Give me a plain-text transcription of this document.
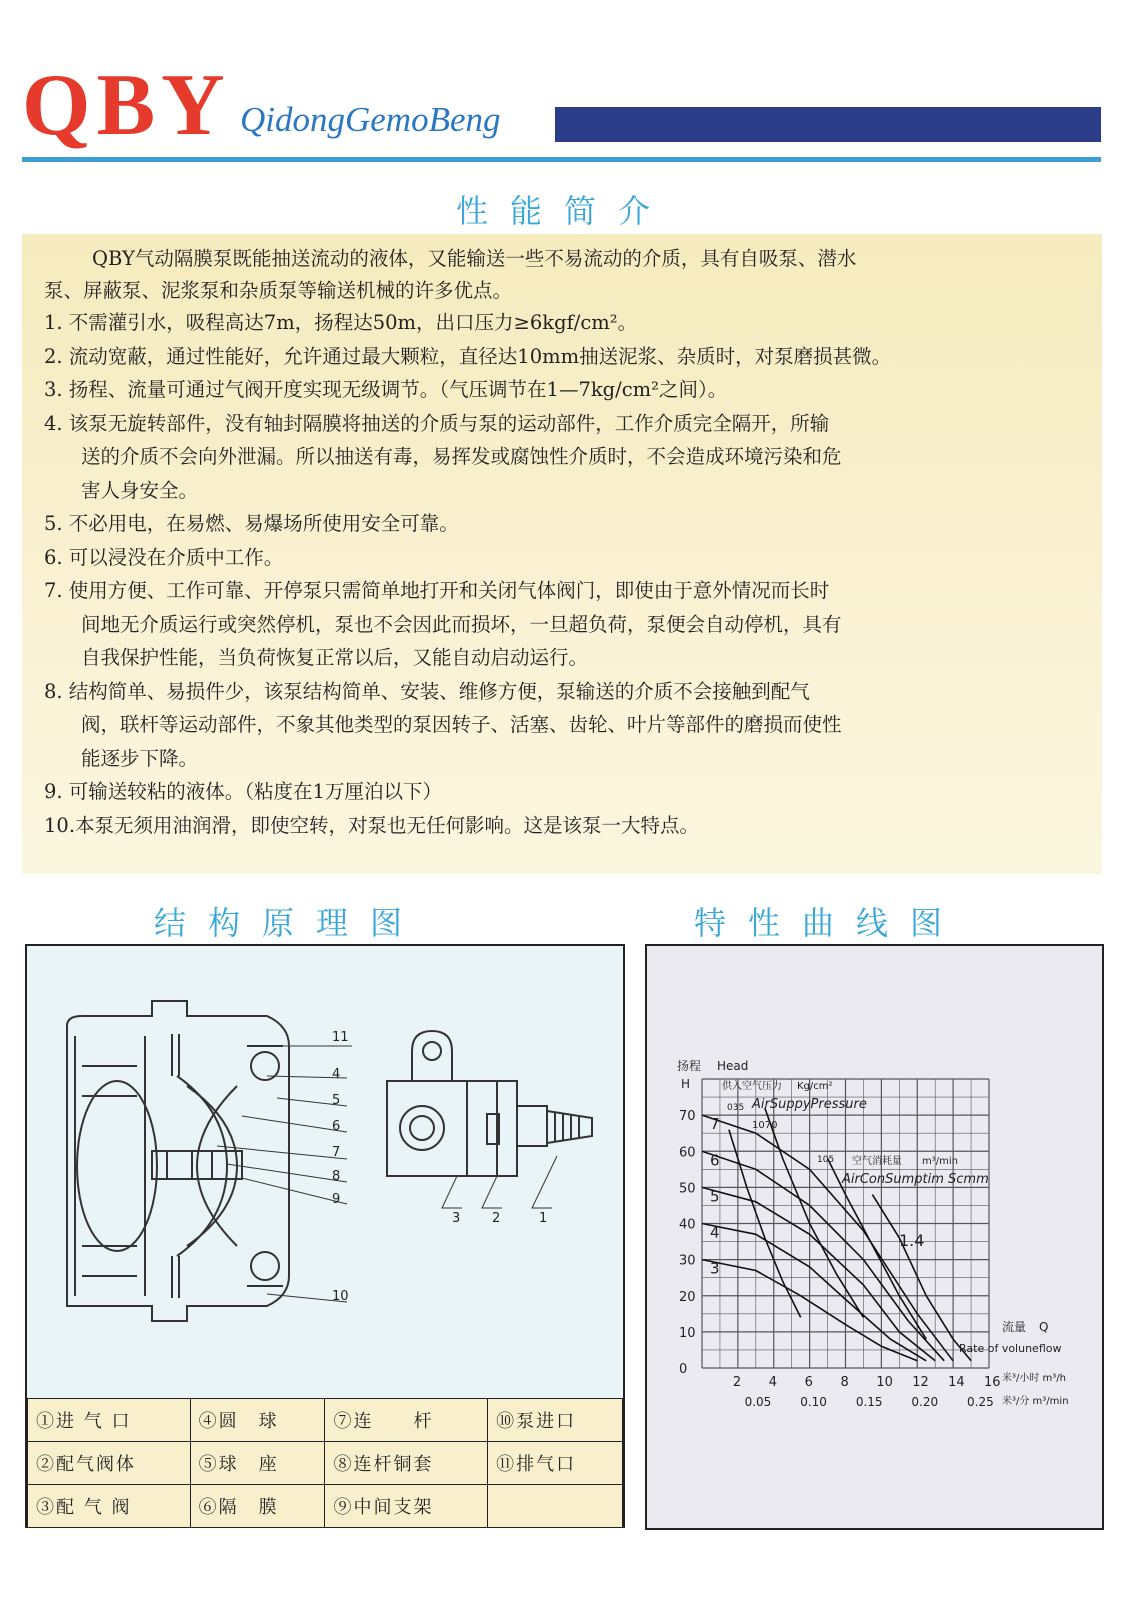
QBY QidongGemoBeng
性能简介

QBY气动隔膜泵既能抽送流动的液体，又能输送一些不易流动的介质，具有自吸泵、潜水

泵、屏蔽泵、泥浆泵和杂质泵等输送机械的许多优点。

1. 不需灌引水，吸程高达7m，扬程达50m，出口压力≥6kgf/cm²。

2. 流动宽蔽，通过性能好，允许通过最大颗粒，直径达10mm抽送泥浆、杂质时，对泵磨损甚微。

3. 扬程、流量可通过气阀开度实现无级调节。（气压调节在1—7kg/cm²之间）。

4. 该泵无旋转部件，没有轴封隔膜将抽送的介质与泵的运动部件，工作介质完全隔开，所输

送的介质不会向外泄漏。所以抽送有毒，易挥发或腐蚀性介质时，不会造成环境污染和危

害人身安全。

5. 不必用电，在易燃、易爆场所使用安全可靠。

6. 可以浸没在介质中工作。

7. 使用方便、工作可靠、开停泵只需简单地打开和关闭气体阀门，即使由于意外情况而长时

间地无介质运行或突然停机，泵也不会因此而损坏，一旦超负荷，泵便会自动停机，具有

自我保护性能，当负荷恢复正常以后，又能自动启动运行。

8. 结构简单、易损件少，该泵结构简单、安装、维修方便，泵输送的介质不会接触到配气

阀，联杆等运动部件，不象其他类型的泵因转子、活塞、齿轮、叶片等部件的磨损而使性

能逐步下降。

9. 可输送较粘的液体。（粘度在1万厘泊以下）

10.本泵无须用油润滑，即使空转，对泵也无任何影响。这是该泵一大特点。

结构原理图	特性曲线图
11
4
5
6
7
8
9
10
3 2	1
①进 气 口	④圆　球	⑦连　　杆	⑩泵进口
②配气阀体	⑤球　座	⑧连杆铜套	⑪排气口
③配 气 阀	⑥隔　膜	⑨中间支架	
0
10
20
30
40
50
60
70
2 4 6 8 10 12 14 16
0.05 0.10 0.15 0.20 0.25
3
4
5
6
7
扬程 Head
H	供入空气压力 Kg/cm²
035 AirSuppyPressure
1070
105 空气消耗量 m³/min
AirConSumptim Scmm
1.4
流量 Q
Rate of voluneflow
米³/小时 m³/h
米³/分 m³/min
